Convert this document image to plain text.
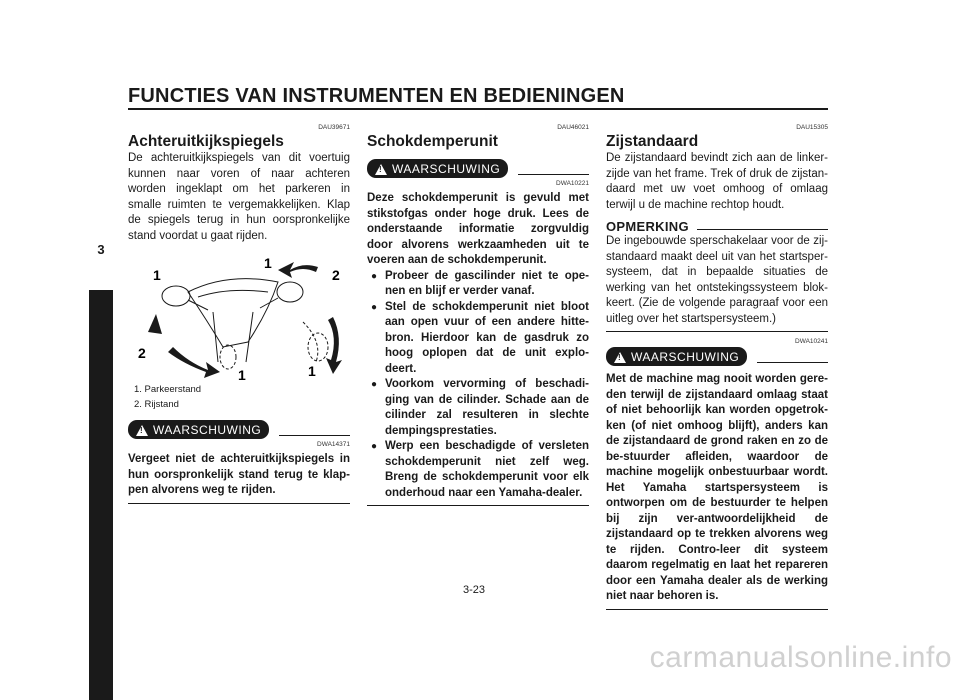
FUNCTIES VAN INSTRUMENTEN EN BEDIENINGEN
3
DAU39671
Achteruitkijkspiegels

De achteruitkijkspiegels van dit voertuig kunnen naar voren of naar achteren worden ingeklapt om het parkeren in smalle ruimten te vergemakkelijken. Klap de spiegels terug in hun oorspronkelijke stand voordat u gaat rijden.

1
1
2
2
1	1
1. Parkeerstand
2. Rijstand
! WAARSCHUWING
DWA14371

Vergeet niet de achteruitkijkspiegels in hun oorspronkelijk stand terug te klap-pen alvorens weg te rijden.

DAU46021
Schokdemperunit
! WAARSCHUWING
DWA10221

Deze schokdemperunit is gevuld met stikstofgas onder hoge druk. Lees de onderstaande informatie zorgvuldig door alvorens werkzaamheden uit te voeren aan de schokdemperunit.

● Probeer de gascilinder niet te ope-nen en blijf er verder vanaf.
● Stel de schokdemperunit niet bloot aan open vuur of een andere hitte-bron. Hierdoor kan de gasdruk zo hoog oplopen dat de unit explo-deert.
● Voorkom vervorming of beschadi-ging van de cilinder. Schade aan de cilinder zal resulteren in slechte dempingsprestaties.
● Werp een beschadigde of versleten schokdemperunit niet zelf weg. Breng de schokdemperunit voor elk onderhoud naar een Yamaha-dealer.
DAU15305
Zijstandaard

De zijstandaard bevindt zich aan de linker-zijde van het frame. Trek of druk de zijstan-daard met uw voet omhoog of omlaag terwijl u de machine rechtop houdt.

OPMERKING

De ingebouwde sperschakelaar voor de zij-standaard maakt deel uit van het startsper-systeem, dat in bepaalde situaties de werking van het ontstekingssysteem blok-keert. (Zie de volgende paragraaf voor een uitleg over het startspersysteem.)

DWA10241
! WAARSCHUWING

Met de machine mag nooit worden gere-den terwijl de zijstandaard omlaag staat of niet behoorlijk kan worden opgetrok-ken (of niet omhoog blijft), anders kan de zijstandaard de grond raken en zo de be-stuurder afleiden, waardoor de machine mogelijk onbestuurbaar wordt. Het Yamaha startspersysteem is ontworpen om de bestuurder te helpen bij zijn ver-antwoordelijkheid de zijstandaard op te trekken alvorens weg te rijden. Contro-leer dit systeem daarom regelmatig en laat het repareren door een Yamaha dealer als de werking niet naar behoren is.

3-23
carmanualsonline.info
